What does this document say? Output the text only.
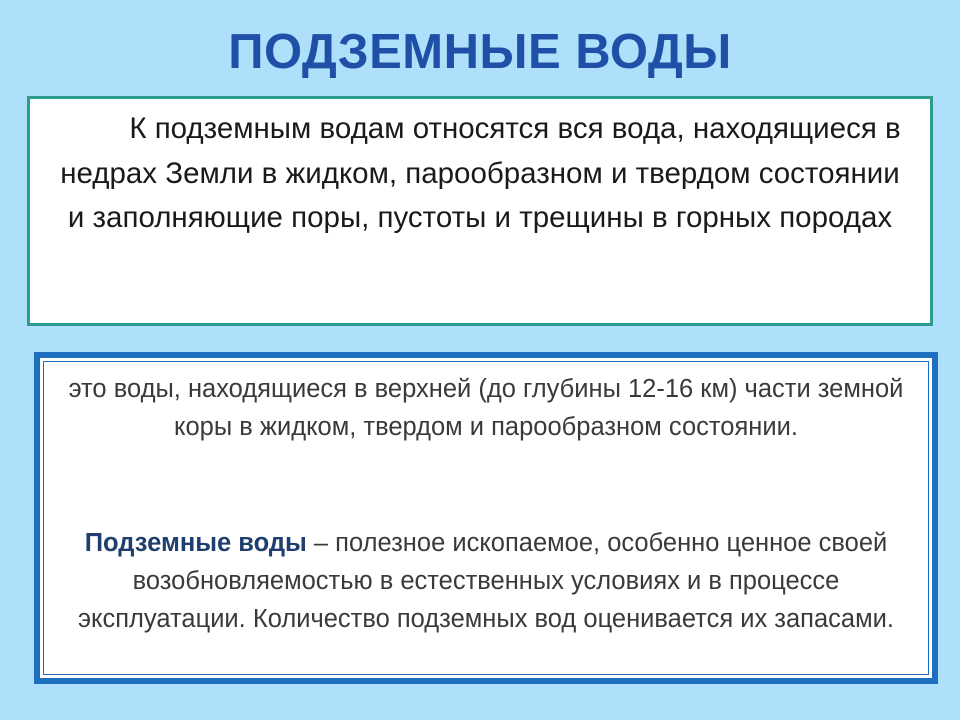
ПОДЗЕМНЫЕ ВОДЫ

К подземным водам относятся вся вода, находящиеся в недрах Земли в жидком, парообразном и твердом состоянии и заполняющие поры, пустоты и трещины в горных породах

это воды, находящиеся в верхней (до глубины 12-16 км) части земной коры в жидком, твердом и парообразном состоянии.

Подземные воды – полезное ископаемое, особенно ценное своей возобновляемостью в естественных условиях и в процессе эксплуатации. Количество подземных вод оценивается их запасами.
